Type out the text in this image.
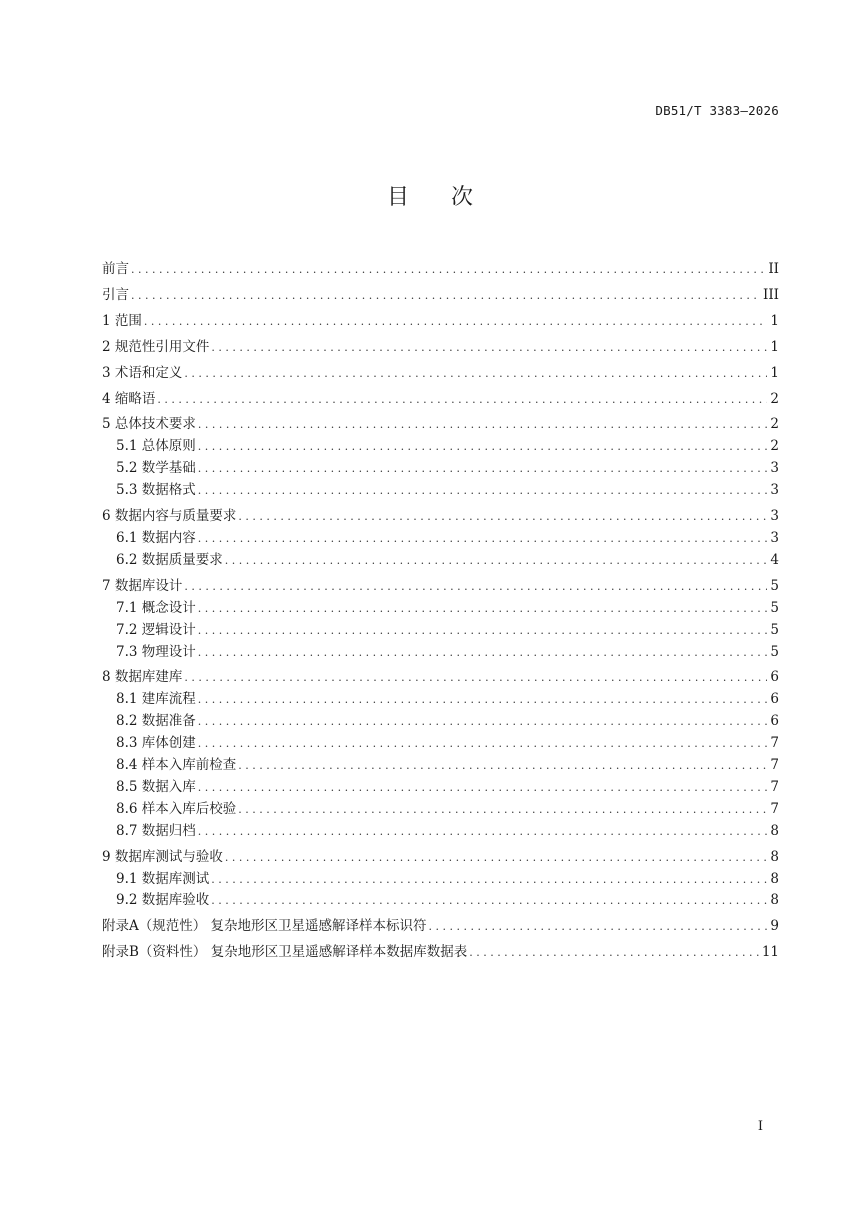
DB51/T 3383—2026
目 次
前言 . . .	II
引言 . . .	III
1 范围 . . .	1
2 规范性引用文件 . . .	1
3 术语和定义 . . .	1
4 缩略语 . . .	2
5 总体技术要求 . . .	2
5.1 总体原则 . . .	2
5.2 数学基础 . . .	3
5.3 数据格式 . . .	3
6 数据内容与质量要求 . . .	3
6.1 数据内容 . . .	3
6.2 数据质量要求 . . .	4
7 数据库设计 . . .	5
7.1 概念设计 . . .	5
7.2 逻辑设计 . . .	5
7.3 物理设计 . . .	5
8 数据库建库 . . .	6
8.1 建库流程 . . .	6
8.2 数据准备 . . .	6
8.3 库体创建 . . .	7
8.4 样本入库前检查 . . .	7
8.5 数据入库 . . .	7
8.6 样本入库后校验 . . .	7
8.7 数据归档 . . .	8
9 数据库测试与验收 . . .	8
9.1 数据库测试 . . .	8
9.2 数据库验收 . . .	8
附录A（规范性） 复杂地形区卫星遥感解译样本标识符 . . .	9
附录B（资料性） 复杂地形区卫星遥感解译样本数据库数据表 . . .	11
I
